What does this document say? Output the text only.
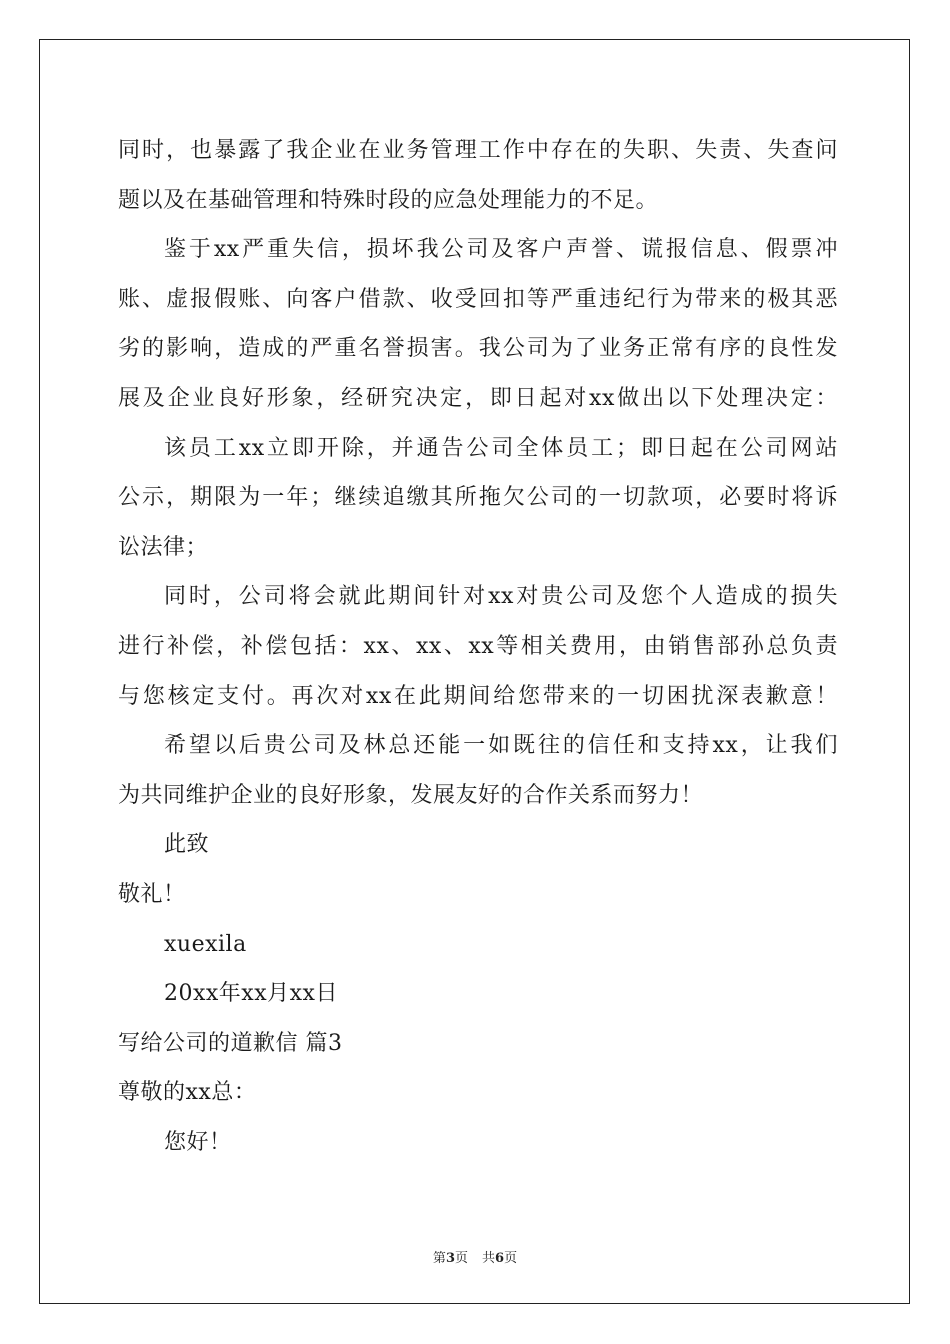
同时，也暴露了我企业在业务管理工作中存在的失职、失责、失查问
题以及在基础管理和特殊时段的应急处理能力的不足。
鉴于xx严重失信，损坏我公司及客户声誉、谎报信息、假票冲
账、虚报假账、向客户借款、收受回扣等严重违纪行为带来的极其恶
劣的影响，造成的严重名誉损害。我公司为了业务正常有序的良性发
展及企业良好形象，经研究决定，即日起对xx做出以下处理决定：
该员工xx立即开除，并通告公司全体员工；即日起在公司网站
公示，期限为一年；继续追缴其所拖欠公司的一切款项，必要时将诉
讼法律；
同时，公司将会就此期间针对xx对贵公司及您个人造成的损失
进行补偿，补偿包括：xx、xx、xx等相关费用，由销售部孙总负责
与您核定支付。再次对xx在此期间给您带来的一切困扰深表歉意！
希望以后贵公司及林总还能一如既往的信任和支持xx，让我们
为共同维护企业的良好形象，发展友好的合作关系而努力！
此致
敬礼！
xuexila
20xx年xx月xx日
写给公司的道歉信 篇3
尊敬的xx总：
您好！
第3页 共6页
